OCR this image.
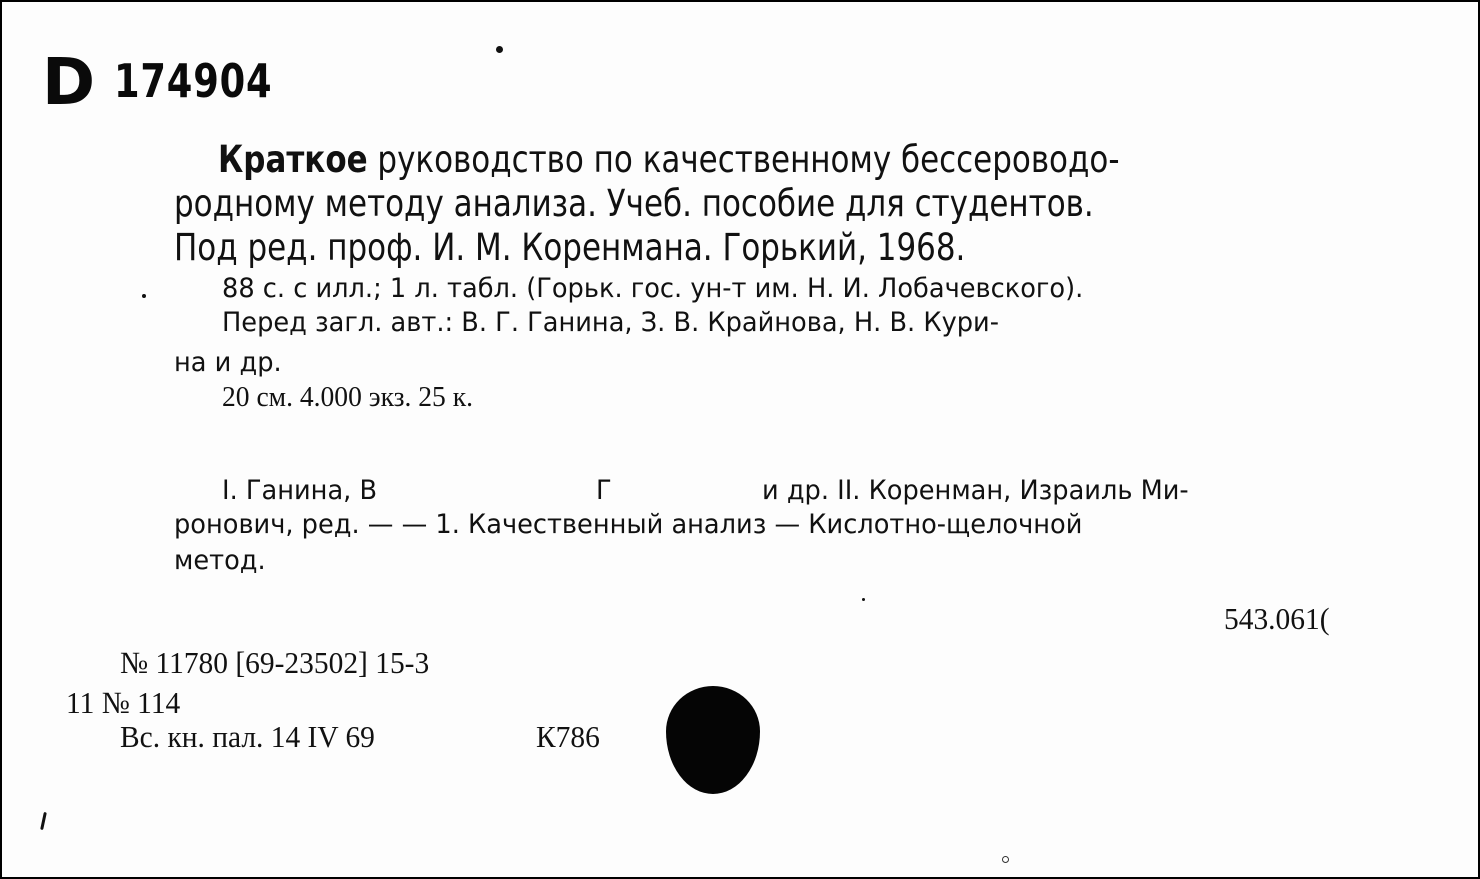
D 174904
Краткое руководство по качественному бессероводо-
родному методу анализа. Учеб. пособие для студентов.
Под ред. проф. И. М. Коренмана. Горький, 1968.
88 с. с илл.; 1 л. табл. (Горьк. гос. ун-т им. Н. И. Лобачевского).
Перед загл. авт.: В. Г. Ганина, З. В. Крайнова, Н. В. Кури-
на и др.
20 см. 4.000 экз. 25 к.
I. Ганина, В	Г	и др. II. Коренман, Израиль Ми-
ронович, ред. — — 1. Качественный анализ — Кислотно-щелочной
метод.
543.061(
№ 11780 [69-23502] 15-3
11 № 114
Вс. кн. пал. 14 IV 69	К786
